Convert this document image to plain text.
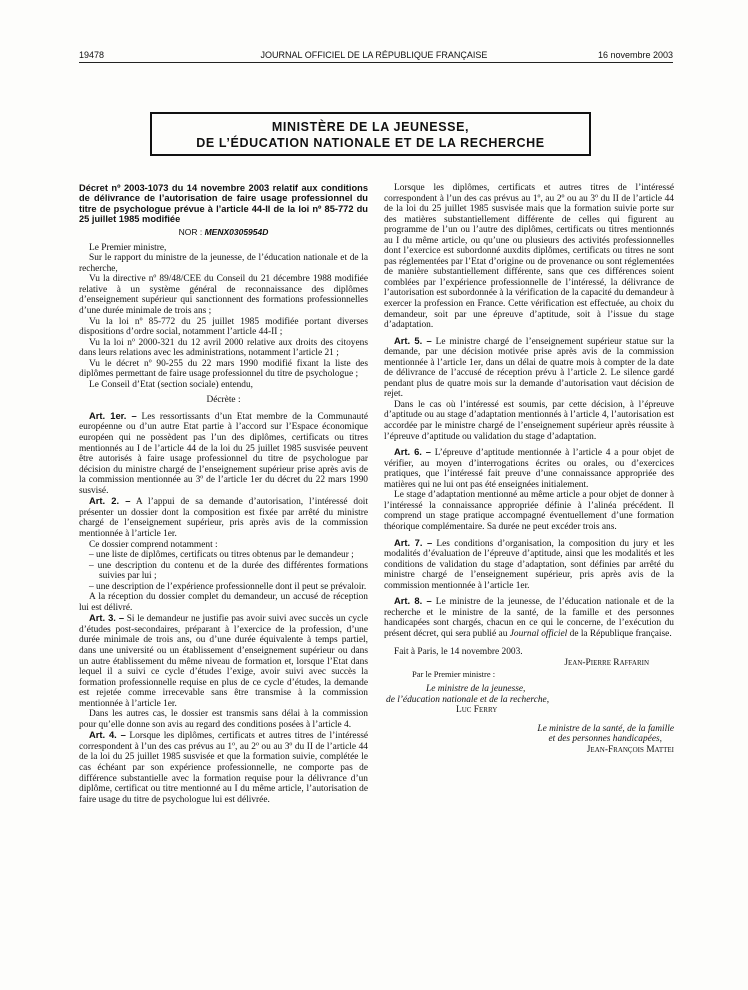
19478	JOURNAL OFFICIEL DE LA RÉPUBLIQUE FRANÇAISE	16 novembre 2003
MINISTÈRE DE LA JEUNESSE,
DE L’ÉDUCATION NATIONALE ET DE LA RECHERCHE

Décret nº 2003-1073 du 14 novembre 2003 relatif aux conditions de délivrance de l’autorisation de faire usage professionnel du titre de psychologue prévue à l’article 44-II de la loi nº 85-772 du 25 juillet 1985 modifiée

NOR : MENX0305954D

Le Premier ministre,

Sur le rapport du ministre de la jeunesse, de l’éducation nationale et de la recherche,

Vu la directive nº 89/48/CEE du Conseil du 21 décembre 1988 modifiée relative à un système général de reconnaissance des diplômes d’enseignement supérieur qui sanctionnent des formations professionnelles d’une durée minimale de trois ans ;

Vu la loi nº 85-772 du 25 juillet 1985 modifiée portant diverses dispositions d’ordre social, notamment l’article 44-II ;

Vu la loi nº 2000-321 du 12 avril 2000 relative aux droits des citoyens dans leurs relations avec les administrations, notamment l’article 21 ;

Vu le décret nº 90-255 du 22 mars 1990 modifié fixant la liste des diplômes permettant de faire usage professionnel du titre de psychologue ;

Le Conseil d’Etat (section sociale) entendu,

Décrète :

Art. 1er. – Les ressortissants d’un Etat membre de la Communauté européenne ou d’un autre Etat partie à l’accord sur l’Espace économique européen qui ne possèdent pas l’un des diplômes, certificats ou titres mentionnés au I de l’article 44 de la loi du 25 juillet 1985 susvisée peuvent être autorisés à faire usage professionnel du titre de psychologue par décision du ministre chargé de l’enseignement supérieur prise après avis de la commission mentionnée au 3º de l’article 1er du décret du 22 mars 1990 susvisé.

Art. 2. – A l’appui de sa demande d’autorisation, l’intéressé doit présenter un dossier dont la composition est fixée par arrêté du ministre chargé de l’enseignement supérieur, pris après avis de la commission mentionnée à l’article 1er.

Ce dossier comprend notamment :

– une liste de diplômes, certificats ou titres obtenus par le demandeur ;

– une description du contenu et de la durée des différentes formations suivies par lui ;

– une description de l’expérience professionnelle dont il peut se prévaloir.

A la réception du dossier complet du demandeur, un accusé de réception lui est délivré.

Art. 3. – Si le demandeur ne justifie pas avoir suivi avec succès un cycle d’études post-secondaires, préparant à l’exercice de la profession, d’une durée minimale de trois ans, ou d’une durée équivalente à temps partiel, dans une université ou un établissement d’enseignement supérieur ou dans un autre établissement du même niveau de formation et, lorsque l’Etat dans lequel il a suivi ce cycle d’études l’exige, avoir suivi avec succès la formation professionnelle requise en plus de ce cycle d’études, la demande est rejetée comme irrecevable sans être transmise à la commission mentionnée à l’article 1er.

Dans les autres cas, le dossier est transmis sans délai à la commission pour qu’elle donne son avis au regard des conditions posées à l’article 4.

Art. 4. – Lorsque les diplômes, certificats et autres titres de l’intéressé correspondent à l’un des cas prévus au 1º, au 2º ou au 3º du II de l’article 44 de la loi du 25 juillet 1985 susvisée et que la formation suivie, complétée le cas échéant par son expérience professionnelle, ne comporte pas de différence substantielle avec la formation requise pour la délivrance d’un diplôme, certificat ou titre mentionné au I du même article, l’autorisation de faire usage du titre de psychologue lui est délivrée.

Lorsque les diplômes, certificats et autres titres de l’intéressé correspondent à l’un des cas prévus au 1º, au 2º ou au 3º du II de l’article 44 de la loi du 25 juillet 1985 susvisée mais que la formation suivie porte sur des matières substantiellement différente de celles qui figurent au programme de l’un ou l’autre des diplômes, certificats ou titres mentionnés au I du même article, ou qu’une ou plusieurs des activités professionnelles dont l’exercice est subordonné auxdits diplômes, certificats ou titres ne sont pas réglementées par l’Etat d’origine ou de provenance ou sont réglementées de manière substantiellement différente, sans que ces différences soient comblées par l’expérience professionnelle de l’intéressé, la délivrance de l’autorisation est subordonnée à la vérification de la capacité du demandeur à exercer la profession en France. Cette vérification est effectuée, au choix du demandeur, soit par une épreuve d’aptitude, soit à l’issue du stage d’adaptation.

Art. 5. – Le ministre chargé de l’enseignement supérieur statue sur la demande, par une décision motivée prise après avis de la commission mentionnée à l’article 1er, dans un délai de quatre mois à compter de la date de délivrance de l’accusé de réception prévu à l’article 2. Le silence gardé pendant plus de quatre mois sur la demande d’autorisation vaut décision de rejet.

Dans le cas où l’intéressé est soumis, par cette décision, à l’épreuve d’aptitude ou au stage d’adaptation mentionnés à l’article 4, l’autorisation est accordée par le ministre chargé de l’enseignement supérieur après réussite à l’épreuve d’aptitude ou validation du stage d’adaptation.

Art. 6. – L’épreuve d’aptitude mentionnée à l’article 4 a pour objet de vérifier, au moyen d’interrogations écrites ou orales, ou d’exercices pratiques, que l’intéressé fait preuve d’une connaissance appropriée des matières qui ne lui ont pas été enseignées initialement.

Le stage d’adaptation mentionné au même article a pour objet de donner à l’intéressé la connaissance appropriée définie à l’alinéa précédent. Il comprend un stage pratique accompagné éventuellement d’une formation théorique complémentaire. Sa durée ne peut excéder trois ans.

Art. 7. – Les conditions d’organisation, la composition du jury et les modalités d’évaluation de l’épreuve d’aptitude, ainsi que les modalités et les conditions de validation du stage d’adaptation, sont définies par arrêté du ministre chargé de l’enseignement supérieur, pris après avis de la commission mentionnée à l’article 1er.

Art. 8. – Le ministre de la jeunesse, de l’éducation nationale et de la recherche et le ministre de la santé, de la famille et des personnes handicapées sont chargés, chacun en ce qui le concerne, de l’exécution du présent décret, qui sera publié au Journal officiel de la République française.

Fait à Paris, le 14 novembre 2003.

Jean-Pierre Raffarin

Par le Premier ministre :

Le ministre de la jeunesse,

de l’éducation nationale et de la recherche,

Luc Ferry

Le ministre de la santé, de la famille

et des personnes handicapées,

Jean-François Mattei
